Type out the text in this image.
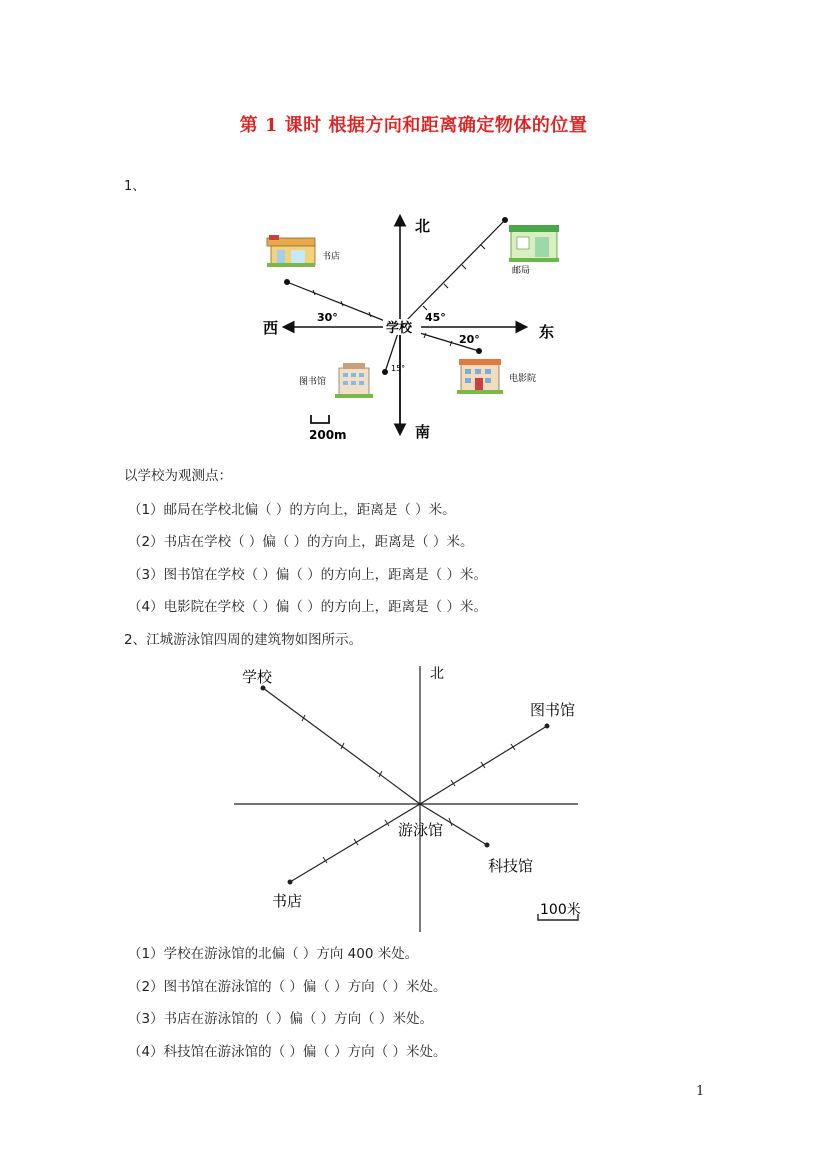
第 1 课时 根据方向和距离确定物体的位置
1、
北
南
西	东
30°	45°
20°
15°
学校
书店
邮局
图书馆	电影院
200m
以学校为观测点：
（1）邮局在学校北偏（ ）的方向上，距离是（ ）米。
（2）书店在学校（ ）偏（ ）的方向上，距离是（ ）米。
（3）图书馆在学校（ ）偏（ ）的方向上，距离是（ ）米。
（4）电影院在学校（ ）偏（ ）的方向上，距离是（ ）米。
2、江城游泳馆四周的建筑物如图所示。
北
学校
图书馆
科技馆
书店
游泳馆
100米
（1）学校在游泳馆的北偏（ ）方向 400 米处。
（2）图书馆在游泳馆的（ ）偏（ ）方向（ ）米处。
（3）书店在游泳馆的（ ）偏（ ）方向（ ）米处。
（4）科技馆在游泳馆的（ ）偏（ ）方向（ ）米处。
1
